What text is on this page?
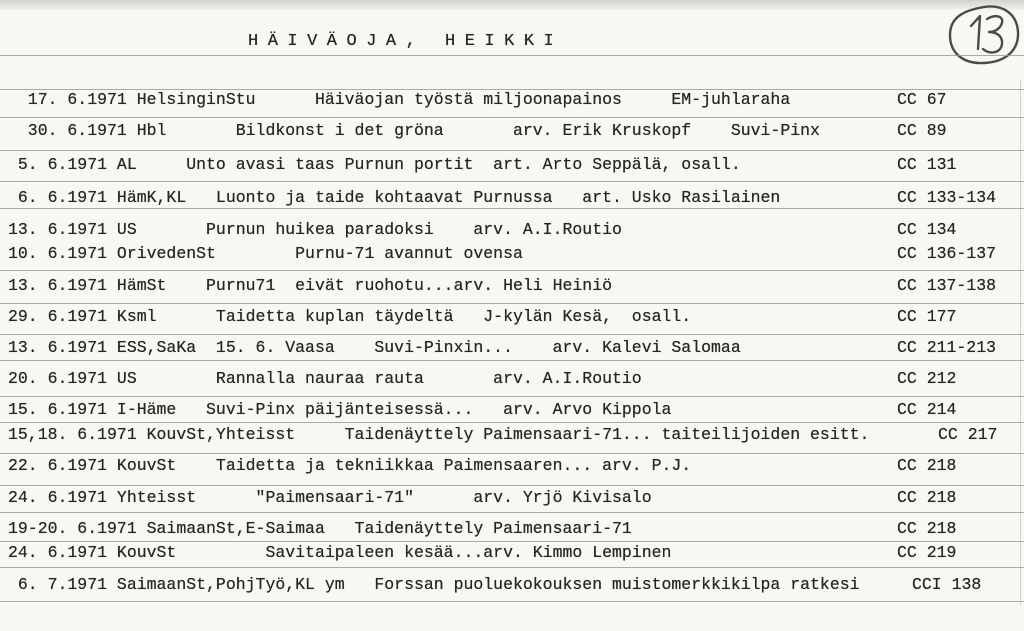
HÄIVÄOJA, HEIKKI
17. 6.1971 HelsinginStu      Häiväojan työstä miljoonapainos     EM-juhlaraha	CC 67
30. 6.1971 Hbl       Bildkonst i det gröna       arv. Erik Kruskopf    Suvi-Pinx	CC 89
5. 6.1971 AL     Unto avasi taas Purnun portit  art. Arto Seppälä, osall.	CC 131
6. 6.1971 HämK,KL   Luonto ja taide kohtaavat Purnussa   art. Usko Rasilainen	CC 133-134
13. 6.1971 US       Purnun huikea paradoksi    arv. A.I.Routio	CC 134
10. 6.1971 OrivedenSt        Purnu-71 avannut ovensa	CC 136-137
13. 6.1971 HämSt    Purnu71  eivät ruohotu...arv. Heli Heiniö	CC 137-138
29. 6.1971 Ksml      Taidetta kuplan täydeltä   J-kylän Kesä,  osall.	CC 177
13. 6.1971 ESS,SaKa  15. 6. Vaasa    Suvi-Pinxin...    arv. Kalevi Salomaa	CC 211-213
20. 6.1971 US        Rannalla nauraa rauta       arv. A.I.Routio	CC 212
15. 6.1971 I-Häme   Suvi-Pinx päijänteisessä...   arv. Arvo Kippola	CC 214
15,18. 6.1971 KouvSt,Yhteisst     Taidenäyttely Paimensaari-71... taiteilijoiden esitt.	CC 217
22. 6.1971 KouvSt    Taidetta ja tekniikkaa Paimensaaren... arv. P.J.	CC 218
24. 6.1971 Yhteisst      "Paimensaari-71"      arv. Yrjö Kivisalo	CC 218
19-20. 6.1971 SaimaanSt,E-Saimaa   Taidenäyttely Paimensaari-71	CC 218
24. 6.1971 KouvSt         Savitaipaleen kesää...arv. Kimmo Lempinen	CC 219
6. 7.1971 SaimaanSt,PohjTyö,KL ym   Forssan puoluekokouksen muistomerkkikilpa ratkesi	CCI 138
